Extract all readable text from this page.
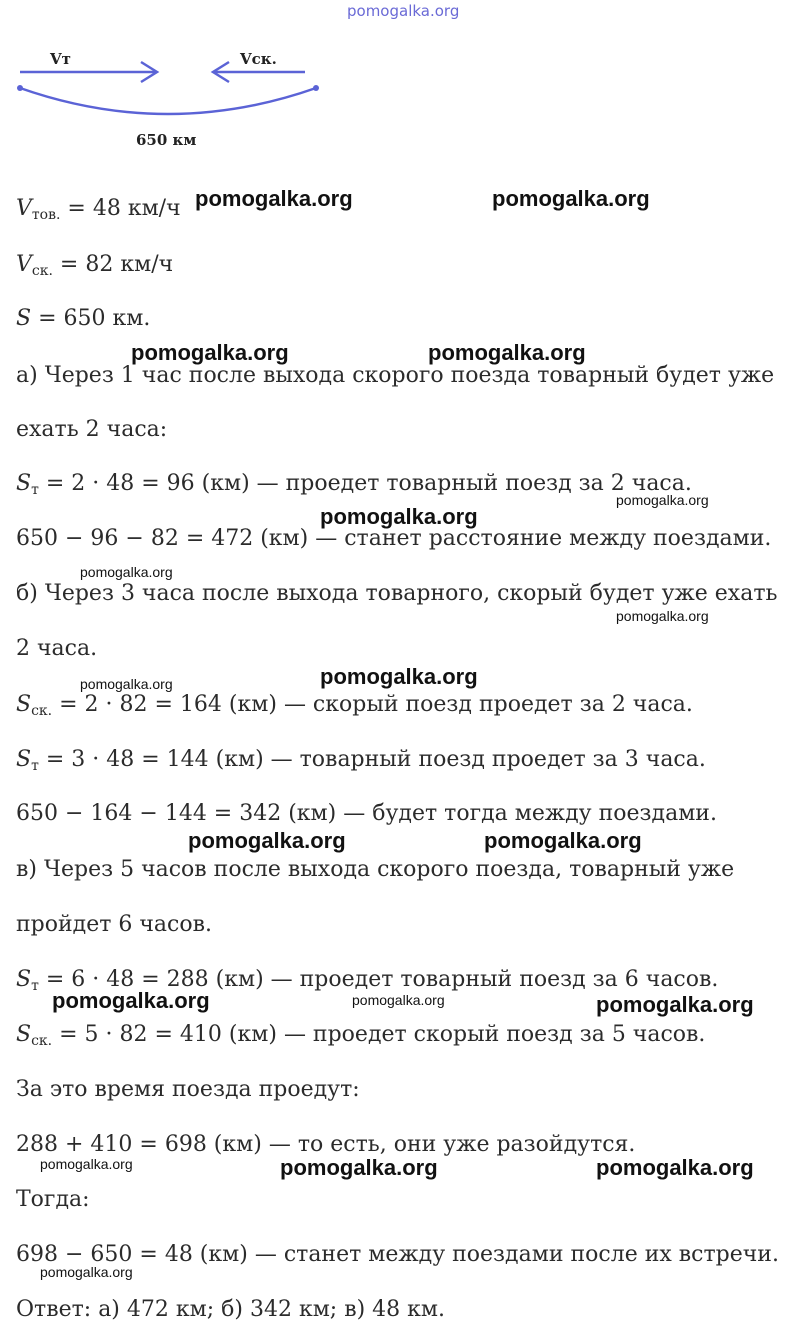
pomogalka.org
Vт	Vск.
650 км
$V_{тов.} = 48$ км/ч
$V_{ск.} = 82$ км/ч
S = 650 км.
а) Через 1 час после выхода скорого поезда товарный будет уже
ехать 2 часа:
$S_т = 2 \cdot 48 = 96$ (км) — проедет товарный поезд за 2 часа.
650 − 96 − 82 = 472 (км) — станет расстояние между поездами.
б) Через 3 часа после выхода товарного, скорый будет уже ехать
2 часа.
$S_{ск.} = 2 \cdot 82 = 164$ (км) — скорый поезд проедет за 2 часа.
$S_т = 3 \cdot 48 = 144$ (км) — товарный поезд проедет за 3 часа.
650 − 164 − 144 = 342 (км) — будет тогда между поездами.
в) Через 5 часов после выхода скорого поезда, товарный уже
пройдет 6 часов.
$S_т = 6 \cdot 48 = 288$ (км) — проедет товарный поезд за 6 часов.
$S_{ск.} = 5 \cdot 82 = 410$ (км) — проедет скорый поезд за 5 часов.
За это время поезда проедут:
288 + 410 = 698 (км) — то есть, они уже разойдутся.
Тогда:
698 − 650 = 48 (км) — станет между поездами после их встречи.
Ответ: а) 472 км; б) 342 км; в) 48 км.
pomogalka.org	pomogalka.org
pomogalka.org	pomogalka.org
pomogalka.org
pomogalka.org
pomogalka.org	pomogalka.org
pomogalka.org	pomogalka.org
pomogalka.org	pomogalka.org
pomogalka.org
pomogalka.org
pomogalka.org
pomogalka.org
pomogalka.org
pomogalka.org
pomogalka.org
